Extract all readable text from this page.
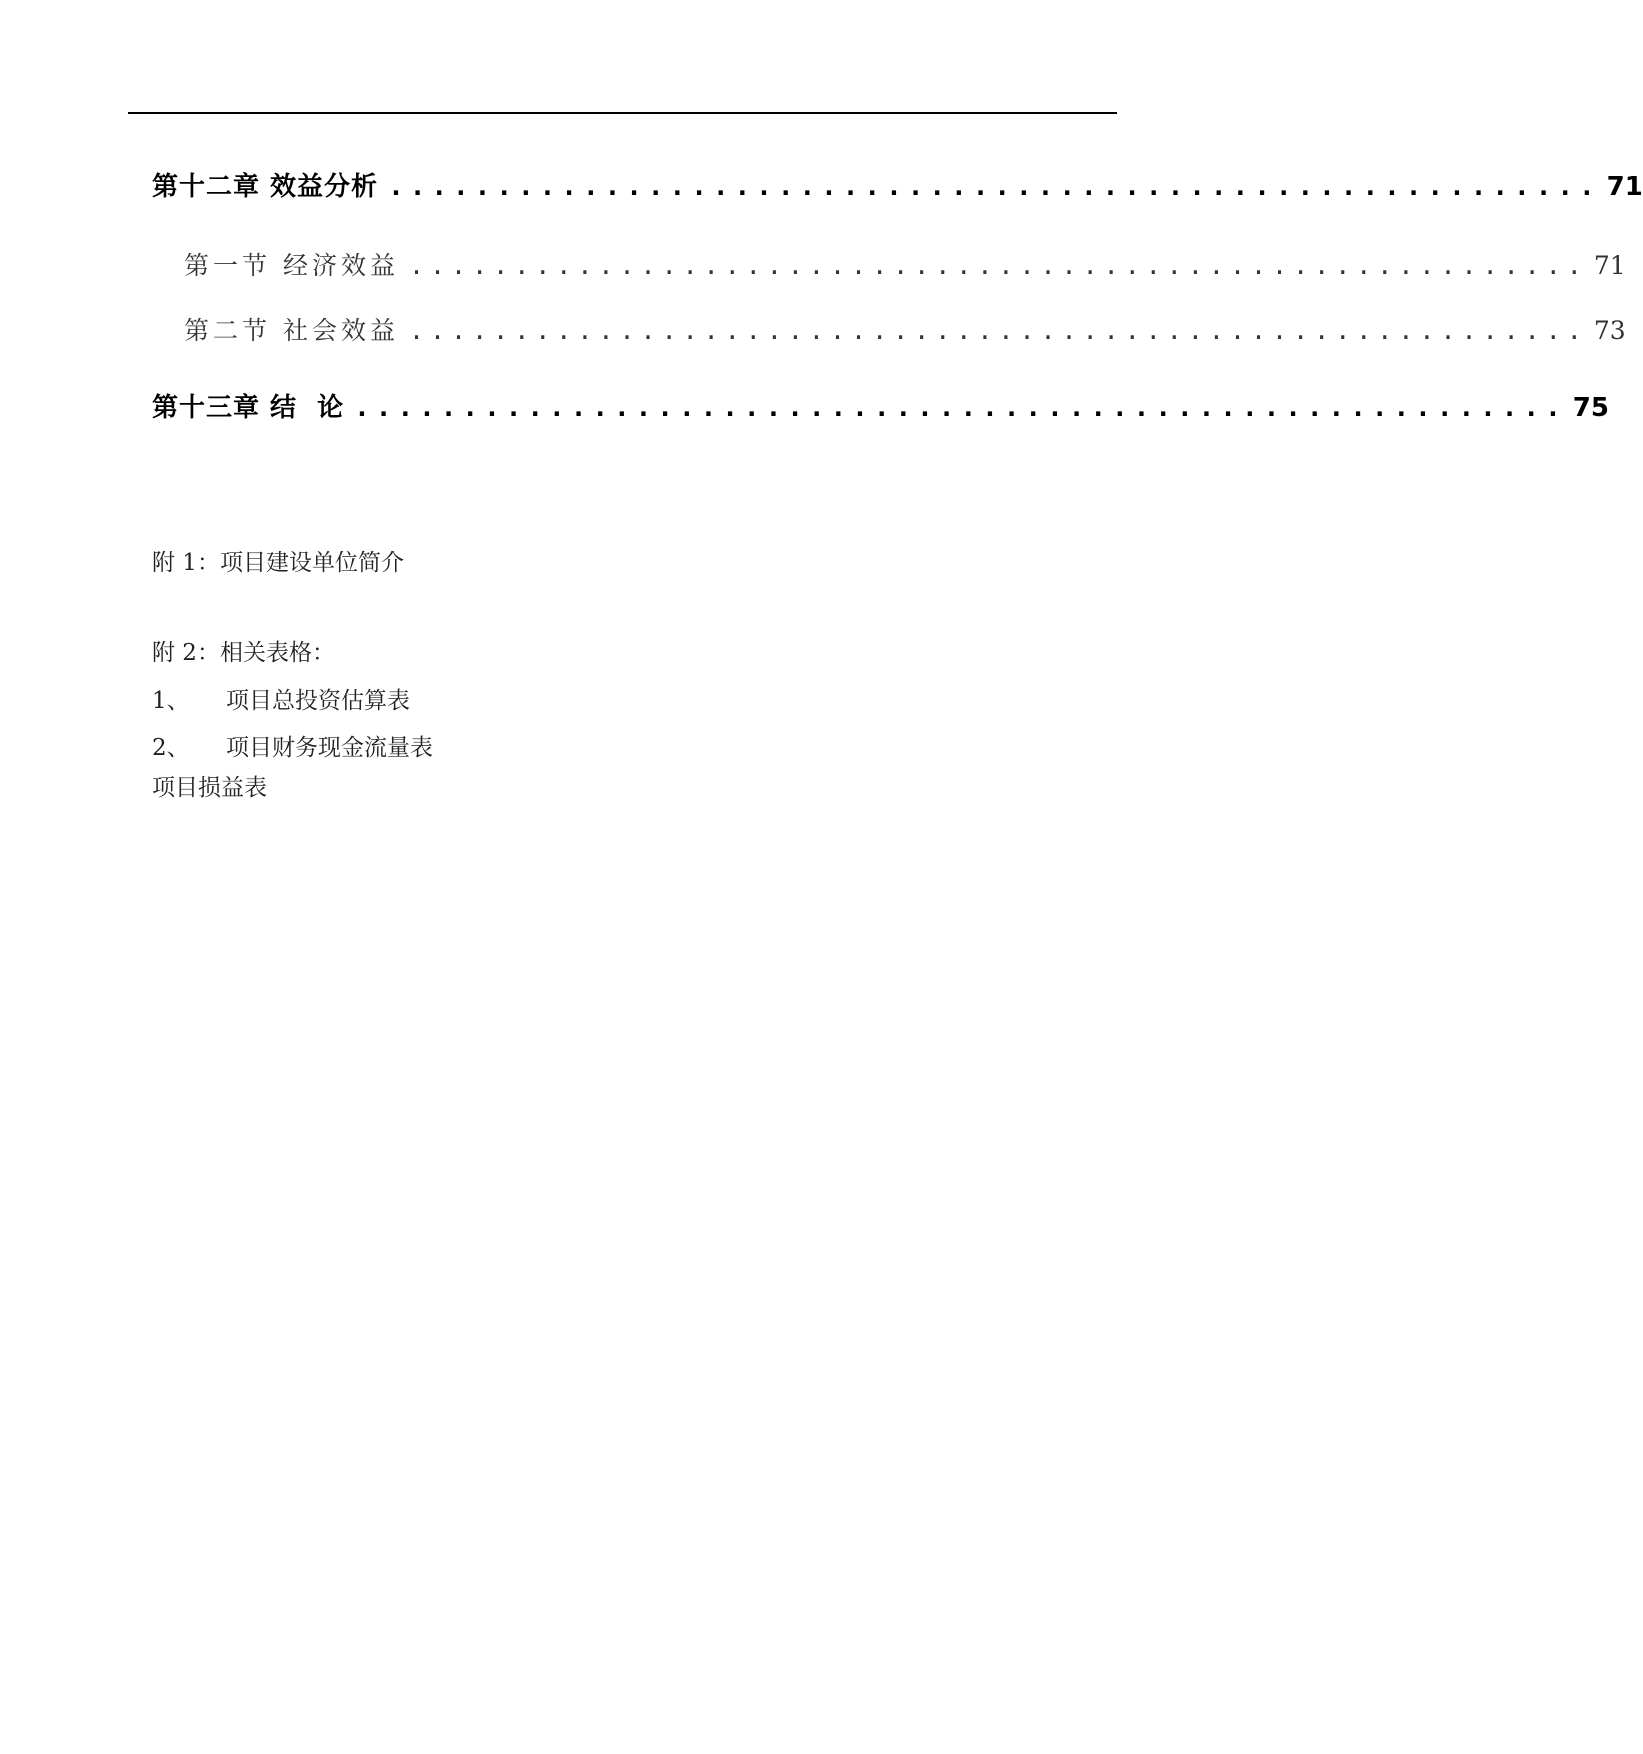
第十二章 效益分析 ........................................................ 71
第一节 经济效益 ........................................................ 71
第二节 社会效益 ........................................................ 73
第十三章 结  论 ........................................................ 75
附 1：项目建设单位简介
附 2：相关表格：
1、 项目总投资估算表
2、 项目财务现金流量表
项目损益表
